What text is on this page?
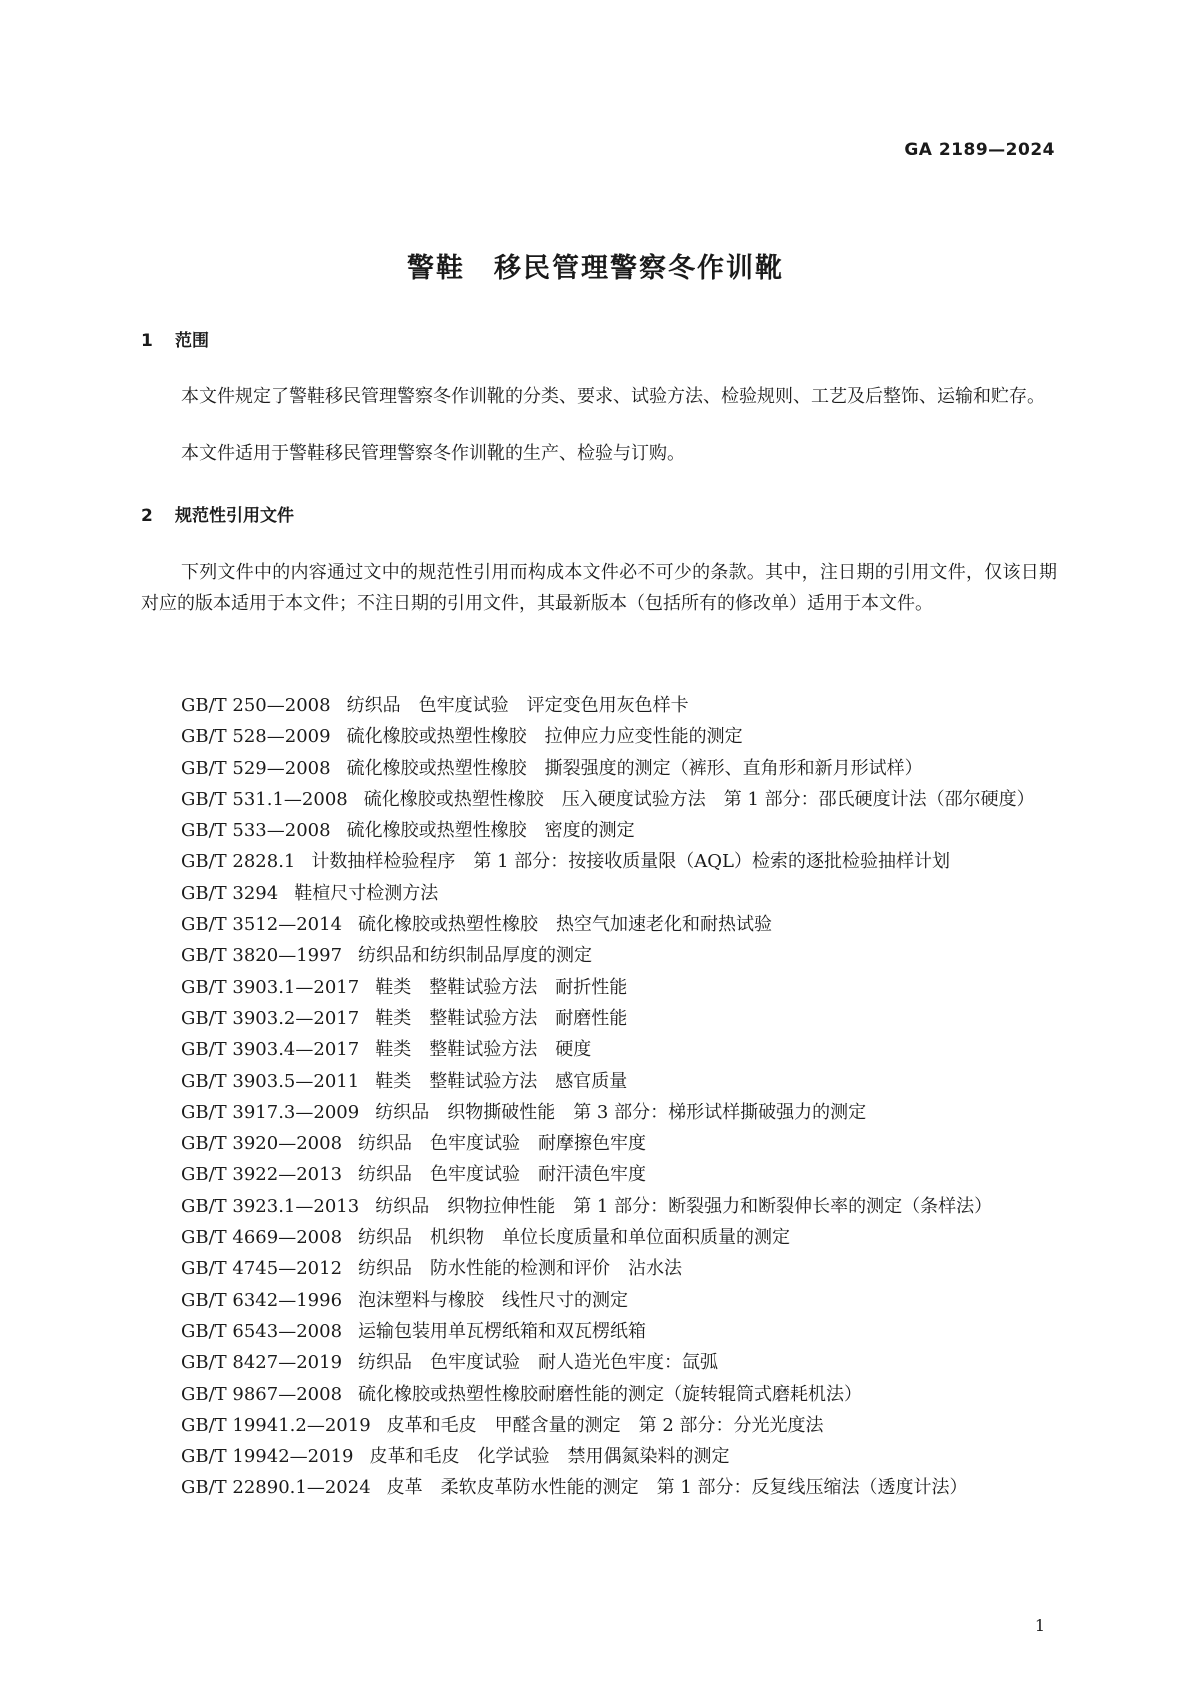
GA 2189—2024
警鞋　移民管理警察冬作训靴
1 范围

本文件规定了警鞋移民管理警察冬作训靴的分类、要求、试验方法、检验规则、工艺及后整饰、运输和贮存。

本文件适用于警鞋移民管理警察冬作训靴的生产、检验与订购。

2 规范性引用文件

下列文件中的内容通过文中的规范性引用而构成本文件必不可少的条款。其中，注日期的引用文件，仅该日期对应的版本适用于本文件；不注日期的引用文件，其最新版本（包括所有的修改单）适用于本文件。

GB/T 250—2008 纺织品　色牢度试验　评定变色用灰色样卡
GB/T 528—2009 硫化橡胶或热塑性橡胶　拉伸应力应变性能的测定
GB/T 529—2008 硫化橡胶或热塑性橡胶　撕裂强度的测定（裤形、直角形和新月形试样）
GB/T 531.1—2008 硫化橡胶或热塑性橡胶　压入硬度试验方法　第 1 部分：邵氏硬度计法（邵尔硬度）
GB/T 533—2008 硫化橡胶或热塑性橡胶　密度的测定
GB/T 2828.1 计数抽样检验程序　第 1 部分：按接收质量限（AQL）检索的逐批检验抽样计划
GB/T 3294 鞋楦尺寸检测方法
GB/T 3512—2014 硫化橡胶或热塑性橡胶　热空气加速老化和耐热试验
GB/T 3820—1997 纺织品和纺织制品厚度的测定
GB/T 3903.1—2017 鞋类　整鞋试验方法　耐折性能
GB/T 3903.2—2017 鞋类　整鞋试验方法　耐磨性能
GB/T 3903.4—2017 鞋类　整鞋试验方法　硬度
GB/T 3903.5—2011 鞋类　整鞋试验方法　感官质量
GB/T 3917.3—2009 纺织品　织物撕破性能　第 3 部分：梯形试样撕破强力的测定
GB/T 3920—2008 纺织品　色牢度试验　耐摩擦色牢度
GB/T 3922—2013 纺织品　色牢度试验　耐汗渍色牢度
GB/T 3923.1—2013 纺织品　织物拉伸性能　第 1 部分：断裂强力和断裂伸长率的测定（条样法）
GB/T 4669—2008 纺织品　机织物　单位长度质量和单位面积质量的测定
GB/T 4745—2012 纺织品　防水性能的检测和评价　沾水法
GB/T 6342—1996 泡沫塑料与橡胶　线性尺寸的测定
GB/T 6543—2008 运输包装用单瓦楞纸箱和双瓦楞纸箱
GB/T 8427—2019 纺织品　色牢度试验　耐人造光色牢度：氙弧
GB/T 9867—2008 硫化橡胶或热塑性橡胶耐磨性能的测定（旋转辊筒式磨耗机法）
GB/T 19941.2—2019 皮革和毛皮　甲醛含量的测定　第 2 部分：分光光度法
GB/T 19942—2019 皮革和毛皮　化学试验　禁用偶氮染料的测定
GB/T 22890.1—2024 皮革　柔软皮革防水性能的测定　第 1 部分：反复线压缩法（透度计法）
1
